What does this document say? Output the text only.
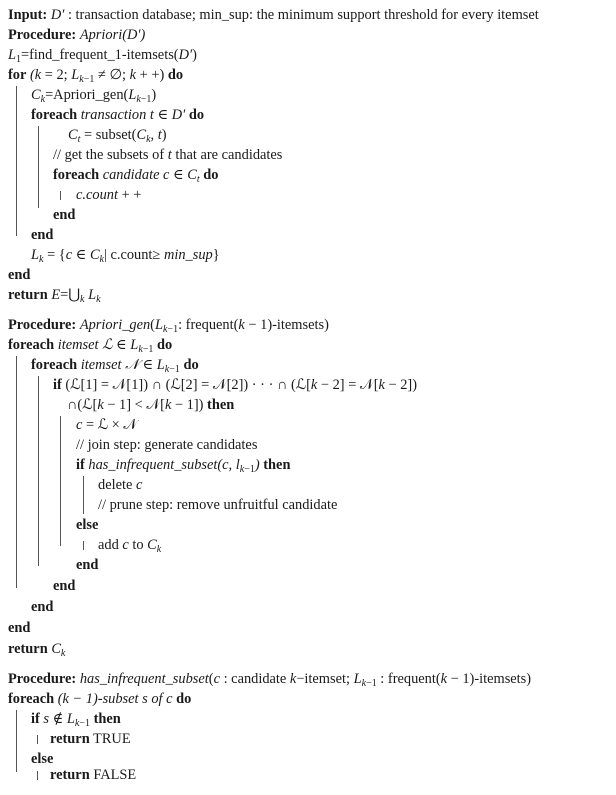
Input: D′ : transaction database; min_sup: the minimum support threshold for every itemset
Procedure: Apriori(D′)
$L_1=find\_frequent\_1-itemsets(D')$
for (k = 2; $L_{k-1}$ ≠ ∅; k + +) do
$C_k=Apriori\_gen(L_{k-1})$
foreach transaction t ∈ D′ do
$C_t$ = $subset(C_k$, t)
// get the subsets of t that are candidates
foreach candidate c ∈ $C_t$ do
c.count + +
end
end
$L_k = \{c$ ∈ $C_k|$ c.count≥ min_sup}
end
return $E=⋃_k$ $L_k$
Procedure: $Apriori\_gen(L_{k-1}$: frequent(k − 1)-itemsets)
foreach itemset ℒ ∈ $L_{k-1}$ do
foreach itemset 𝒩 ∈ $L_{k-1}$ do
if (ℒ[1] = 𝒩[1]) ∩ (ℒ[2] = 𝒩[2]) · · · ∩ (ℒ[k − 2] = 𝒩[k − 2])
∩(ℒ[k − 1] < 𝒩[k − 1]) then
c = ℒ × 𝒩
// join step: generate candidates
if has_infrequent_subset(c, $l_{k-1}$) then
delete c
// prune step: remove unfruitful candidate
else
add c to $C_k$
end
end
end
end
return $C_k$
Procedure: has_infrequent_subset(c : candidate k−itemset; $L_{k-1}$ : frequent(k − 1)-itemsets)
foreach (k − 1)-subset s of c do
if s ∉ $L_{k-1}$ then
return TRUE
else
return FALSE
